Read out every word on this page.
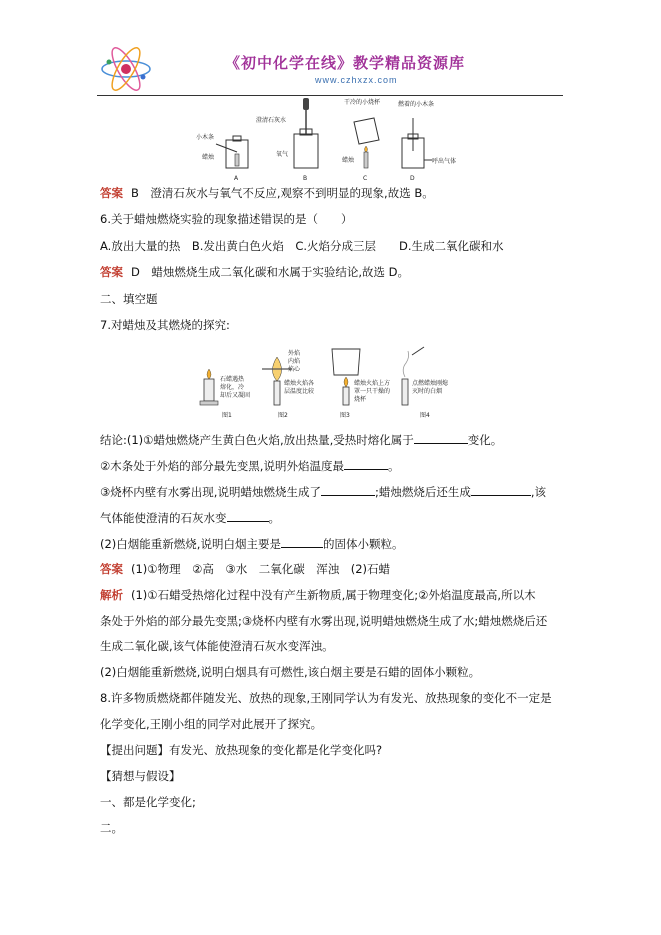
《初中化学在线》教学精品资源库
www.czhxzx.com
小木条
蜡烛
A
澄清石灰水
氧气
B
干冷的小烧杯
蜡烛
C
燃着的小木条
呼出气体
D
答案 B　澄清石灰水与氧气不反应,观察不到明显的现象,故选 B。
6.关于蜡烛燃烧实验的现象描述错误的是（　　）
A.放出大量的热　B.发出黄白色火焰　C.火焰分成三层　　D.生成二氧化碳和水
答案 D　蜡烛燃烧生成二氧化碳和水属于实验结论,故选 D。
二、填空题
7.对蜡烛及其燃烧的探究:
石蜡遇热
熔化，冷
却后又凝固
图1
外焰
内焰
焰心
蜡烛火焰各
层温度比较
图2
蜡烛火焰上方
罩一只干燥的
烧杯
图3
点燃蜡烛刚熄
灭时的白烟
图4
结论:(1)①蜡烛燃烧产生黄白色火焰,放出热量,受热时熔化属于	变化。
②木条处于外焰的部分最先变黑,说明外焰温度最	。
③烧杯内壁有水雾出现,说明蜡烛燃烧生成了	;蜡烛燃烧后还生成	,该
气体能使澄清的石灰水变	。
(2)白烟能重新燃烧,说明白烟主要是	的固体小颗粒。
答案 (1)①物理　②高　③水　二氧化碳　浑浊　(2)石蜡
解析 (1)①石蜡受热熔化过程中没有产生新物质,属于物理变化;②外焰温度最高,所以木
条处于外焰的部分最先变黑;③烧杯内壁有水雾出现,说明蜡烛燃烧生成了水;蜡烛燃烧后还
生成二氧化碳,该气体能使澄清石灰水变浑浊。
(2)白烟能重新燃烧,说明白烟具有可燃性,该白烟主要是石蜡的固体小颗粒。
8.许多物质燃烧都伴随发光、放热的现象,王刚同学认为有发光、放热现象的变化不一定是
化学变化,王刚小组的同学对此展开了探究。
【提出问题】有发光、放热现象的变化都是化学变化吗?
【猜想与假设】
一、都是化学变化;
二。
